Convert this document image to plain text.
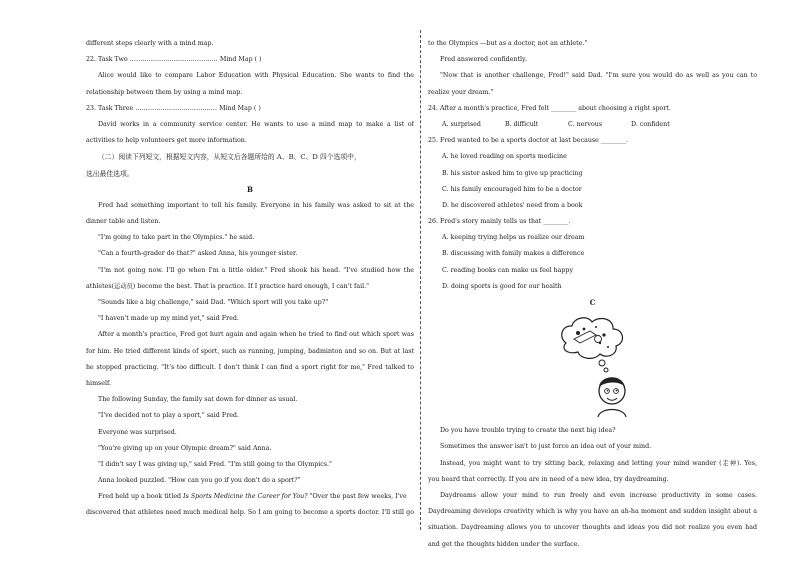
different steps clearly with a mind map.
22. Task Two …………………………………… Mind Map ( )
Alice would like to compare Labor Education with Physical Education. She wants to find the
relationship between them by using a mind map.
23. Task Three ………………………………… Mind Map ( )
David works in a community service center. He wants to use a mind map to make a list of
activities to help volunteers get more information.
（二）阅读下列短文，根据短文内容，从短文后各题所给的 A、B、C、D 四个选项中，
选出最佳选项。
B
Fred had something important to tell his family. Everyone in his family was asked to sit at the
dinner table and listen.
"I'm going to take part in the Olympics." he said.
"Can a fourth-grader do that?" asked Anna, his younger sister.
"I'm not going now. I'll go when I'm a little older." Fred shook his head. "I've studied how the
athletes(运动员) become the best. That is practice. If I practice hard enough, I can't fail."
"Sounds like a big challenge," said Dad. "Which sport will you take up?"
"I haven't made up my mind yet," said Fred.
After a month's practice, Fred got hurt again and again when he tried to find out which sport was
for him. He tried different kinds of sport, such as running, jumping, badminton and so on. But at last
he stopped practicing. "It's too difficult. I don't think I can find a sport right for me," Fred talked to
himself.
The following Sunday, the family sat down for dinner as usual.
"I've decided not to play a sport," said Fred.
Everyone was surprised.
"You're giving up on your Olympic dream?" said Anna.
"I didn't say I was giving up," said Fred. "I'm still going to the Olympics."
Anna looked puzzled. "How can you go if you don't do a sport?"
Fred held up a book titled Is Sports Medicine the Career for You? "Over the past few weeks, I've
discovered that athletes need much medical help. So I am going to become a sports doctor. I'll still go
to the Olympics —but as a doctor, not an athlete."
Fred answered confidently.
"Now that is another challenge, Fred!" said Dad. "I'm sure you would do as well as you can to
realize your dream."
24. After a month's practice, Fred felt ________ about choosing a right sport.
A. surprised	B. difficult	C. nervous	D. confident
25. Fred wanted to be a sports doctor at last because ________.
A. he loved reading on sports medicine
B. his sister asked him to give up practicing
C. his family encouraged him to be a doctor
D. he discovered athletes' need from a book
26. Fred's story mainly tells us that ________.
A. keeping trying helps us realize our dream
B. discussing with family makes a difference
C. reading books can make us feel happy
D. doing sports is good for our health
C
Do you have trouble trying to create the next big idea?
Sometimes the answer isn't to just force an idea out of your mind.
Instead, you might want to try sitting back, relaxing and letting your mind wander (走神). Yes,
you heard that correctly. If you are in need of a new idea, try daydreaming.
Daydreams allow your mind to run freely and even increase productivity in some cases.
Daydreaming develops creativity which is why you have an ah-ha moment and sudden insight about a
situation. Daydreaming allows you to uncover thoughts and ideas you did not realize you even had
and get the thoughts hidden under the surface.
